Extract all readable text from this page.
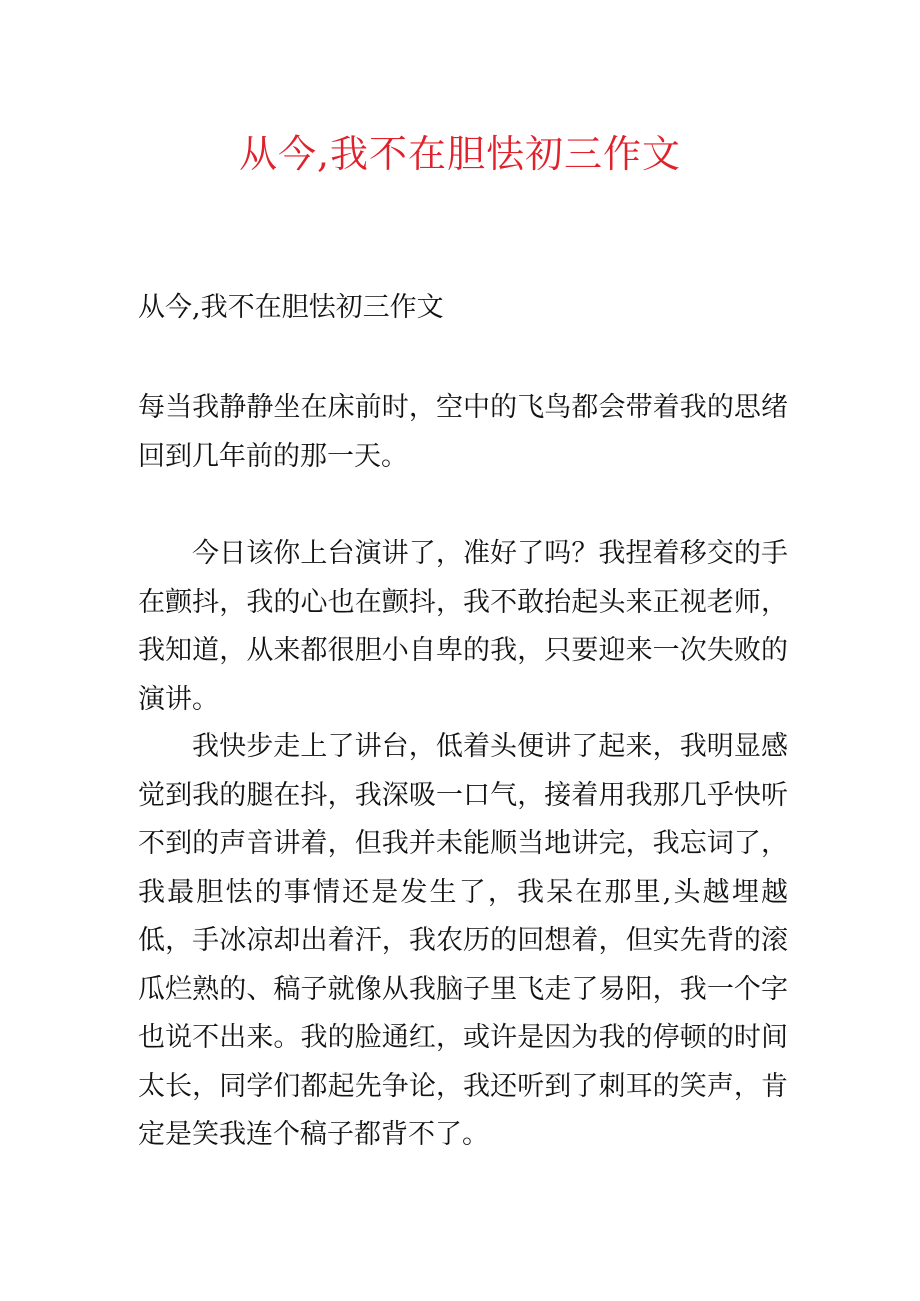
从今,我不在胆怯初三作文
从今,我不在胆怯初三作文

每当我静静坐在床前时，空中的飞鸟都会带着我的思绪回到几年前的那一天。

今日该你上台演讲了，准好了吗？我捏着移交的手在颤抖，我的心也在颤抖，我不敢抬起头来正视老师，我知道，从来都很胆小自卑的我，只要迎来一次失败的演讲。

我快步走上了讲台，低着头便讲了起来，我明显感觉到我的腿在抖，我深吸一口气，接着用我那几乎快听不到的声音讲着，但我并未能顺当地讲完，我忘词了，我最胆怯的事情还是发生了，我呆在那里,头越埋越低，手冰凉却出着汗，我农历的回想着，但实先背的滚瓜烂熟的、稿子就像从我脑子里飞走了易阳，我一个字也说不出来。我的脸通红，或许是因为我的停顿的时间太长，同学们都起先争论，我还听到了刺耳的笑声，肯定是笑我连个稿子都背不了。
